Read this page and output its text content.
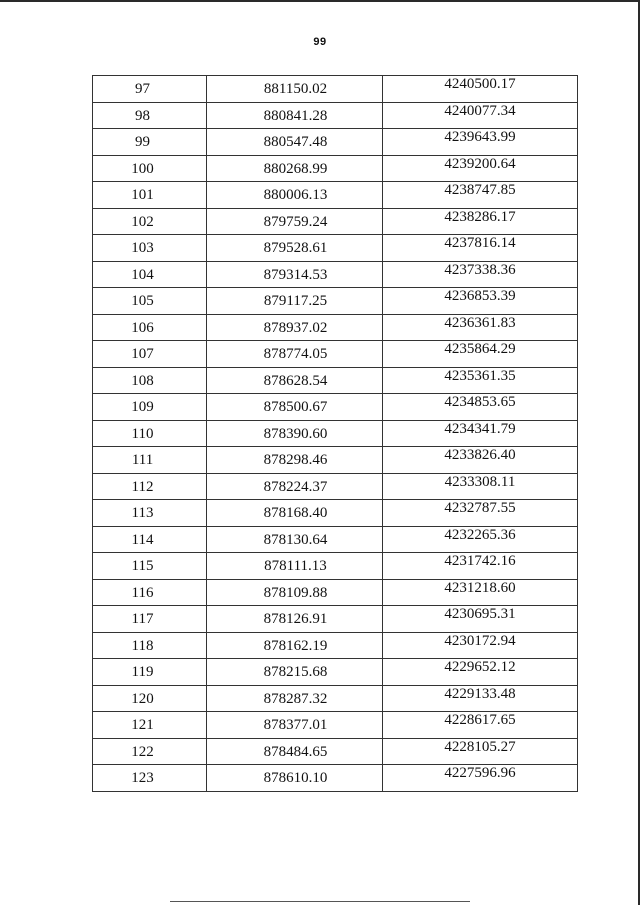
99
97	881150.02	4240500.17
98	880841.28	4240077.34
99	880547.48	4239643.99
100	880268.99	4239200.64
101	880006.13	4238747.85
102	879759.24	4238286.17
103	879528.61	4237816.14
104	879314.53	4237338.36
105	879117.25	4236853.39
106	878937.02	4236361.83
107	878774.05	4235864.29
108	878628.54	4235361.35
109	878500.67	4234853.65
110	878390.60	4234341.79
111	878298.46	4233826.40
112	878224.37	4233308.11
113	878168.40	4232787.55
114	878130.64	4232265.36
115	878111.13	4231742.16
116	878109.88	4231218.60
117	878126.91	4230695.31
118	878162.19	4230172.94
119	878215.68	4229652.12
120	878287.32	4229133.48
121	878377.01	4228617.65
122	878484.65	4228105.27
123	878610.10	4227596.96
